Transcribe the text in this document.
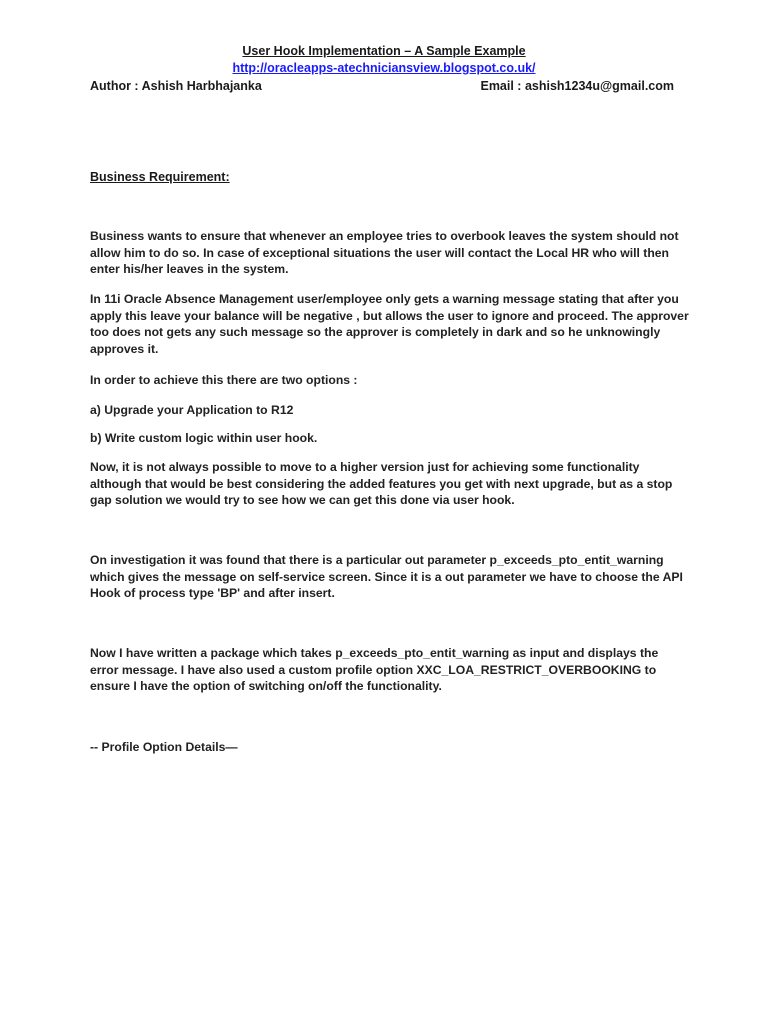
User Hook Implementation – A Sample Example
http://oracleapps-atechniciansview.blogspot.co.uk/
Author : Ashish Harbhajanka	Email : ashish1234u@gmail.com
Business Requirement:

Business wants to ensure that whenever an employee tries to overbook leaves the system should not allow him to do so. In case of exceptional situations the user will contact the Local HR who will then enter his/her leaves in the system.

In 11i Oracle Absence Management user/employee only gets a warning message stating that after you apply this leave your balance will be negative , but allows the user to ignore and proceed. The approver too does not gets any such message so the approver is completely in dark and so he unknowingly approves it.

In order to achieve this there are two options :

a) Upgrade your Application to R12

b) Write custom logic within user hook.

Now, it is not always possible to move to a higher version just for achieving some functionality although that would be best considering the added features you get with next upgrade, but as a stop gap solution we would try to see how we can get this done via user hook.

On investigation it was found that there is a particular out parameter p_exceeds_pto_entit_warning which gives the message on self-service screen. Since it is a out parameter we have to choose the API Hook of process type 'BP' and after insert.

Now I have written a package which takes p_exceeds_pto_entit_warning as input and displays the error message. I have also used a custom profile option XXC_LOA_RESTRICT_OVERBOOKING to ensure I have the option of switching on/off the functionality.

-- Profile Option Details—
